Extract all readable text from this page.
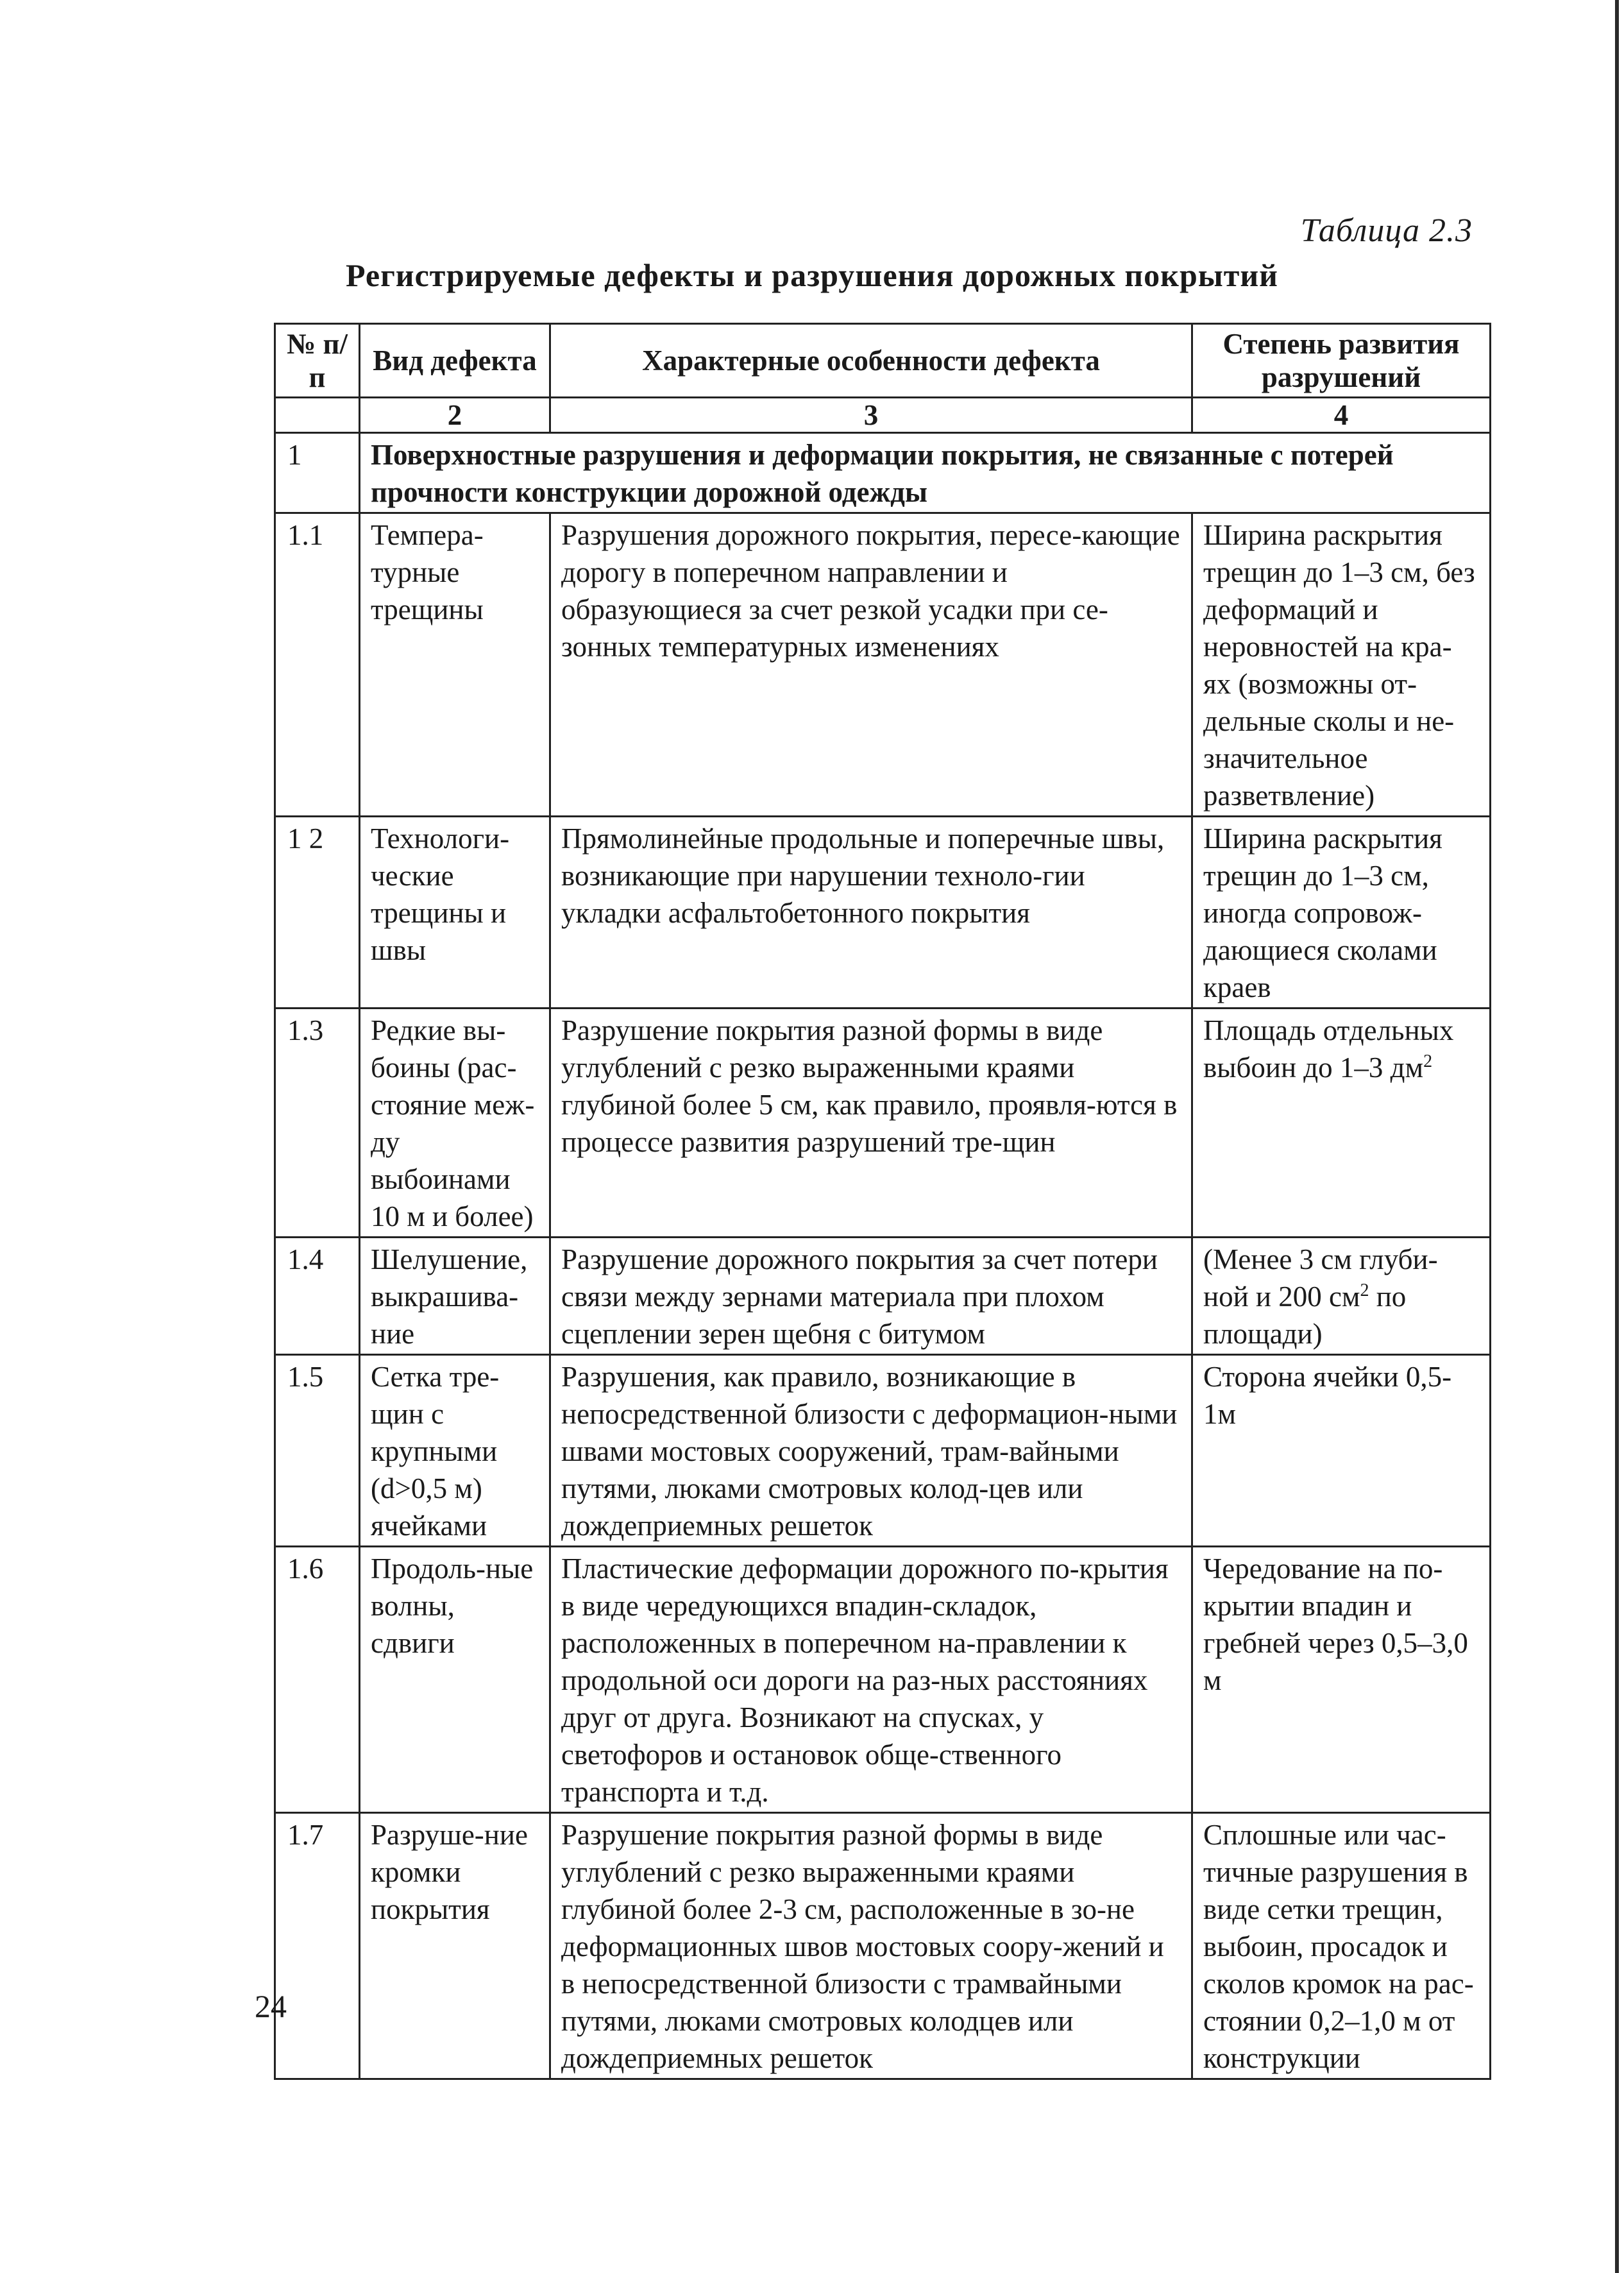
Таблица 2.3
Регистрируемые дефекты и разрушения дорожных покрытий
№ п/п	Вид дефекта	Характерные особенности дефекта	Степень развития разрушений
	2	3	4
1	Поверхностные разрушения и деформации покрытия, не связанные с потерей прочности конструкции дорожной одежды		
1.1	Темпера-турные трещины	Разрушения дорожного покрытия, пересе-кающие дорогу в поперечном направлении и образующиеся за счет резкой усадки при се-зонных температурных изменениях	Ширина раскрытия трещин до 1–3 см, без деформаций и неровностей на кра-ях (возможны от-дельные сколы и не-значительное разветвление)
1 2	Технологи-ческие трещины и швы	Прямолинейные продольные и поперечные швы, возникающие при нарушении техноло-гии укладки асфальтобетонного покрытия	Ширина раскрытия трещин до 1–3 см, иногда сопровож-дающиеся сколами краев
1.3	Редкие вы-боины (рас-стояние меж-ду выбоинами 10 м и более)	Разрушение покрытия разной формы в виде углублений с резко выраженными краями глубиной более 5 см, как правило, проявля-ются в процессе развития разрушений тре-щин	Площадь отдельных выбоин до 1–3 $дм^2$
1.4	Шелушение, выкрашива-ние	Разрушение дорожного покрытия за счет потери связи между зернами материала при плохом сцеплении зерен щебня с битумом	(Менее 3 см глуби-ной и 200 $см^2$ по площади)
1.5	Сетка тре-щин с крупными (d>0,5 м) ячейками	Разрушения, как правило, возникающие в непосредственной близости с деформацион-ными швами мостовых сооружений, трам-вайными путями, люками смотровых колод-цев или дождеприемных решеток	Сторона ячейки 0,5-1м
1.6	Продоль-ные волны, сдвиги	Пластические деформации дорожного по-крытия в виде чередующихся впадин-складок, расположенных в поперечном на-правлении к продольной оси дороги на раз-ных расстояниях друг от друга. Возникают на спусках, у светофоров и остановок обще-ственного транспорта и т.д.	Чередование на по-крытии впадин и гребней через 0,5–3,0 м
1.7	Разруше-ние кромки покрытия	Разрушение покрытия разной формы в виде углублений с резко выраженными краями глубиной более 2-3 см, расположенные в зо-не деформационных швов мостовых соору-жений и в непосредственной близости с трамвайными путями, люками смотровых колодцев или дождеприемных решеток	Сплошные или час-тичные разрушения в виде сетки трещин, выбоин, просадок и сколов кромок на рас-стоянии 0,2–1,0 м от конструкции
24
